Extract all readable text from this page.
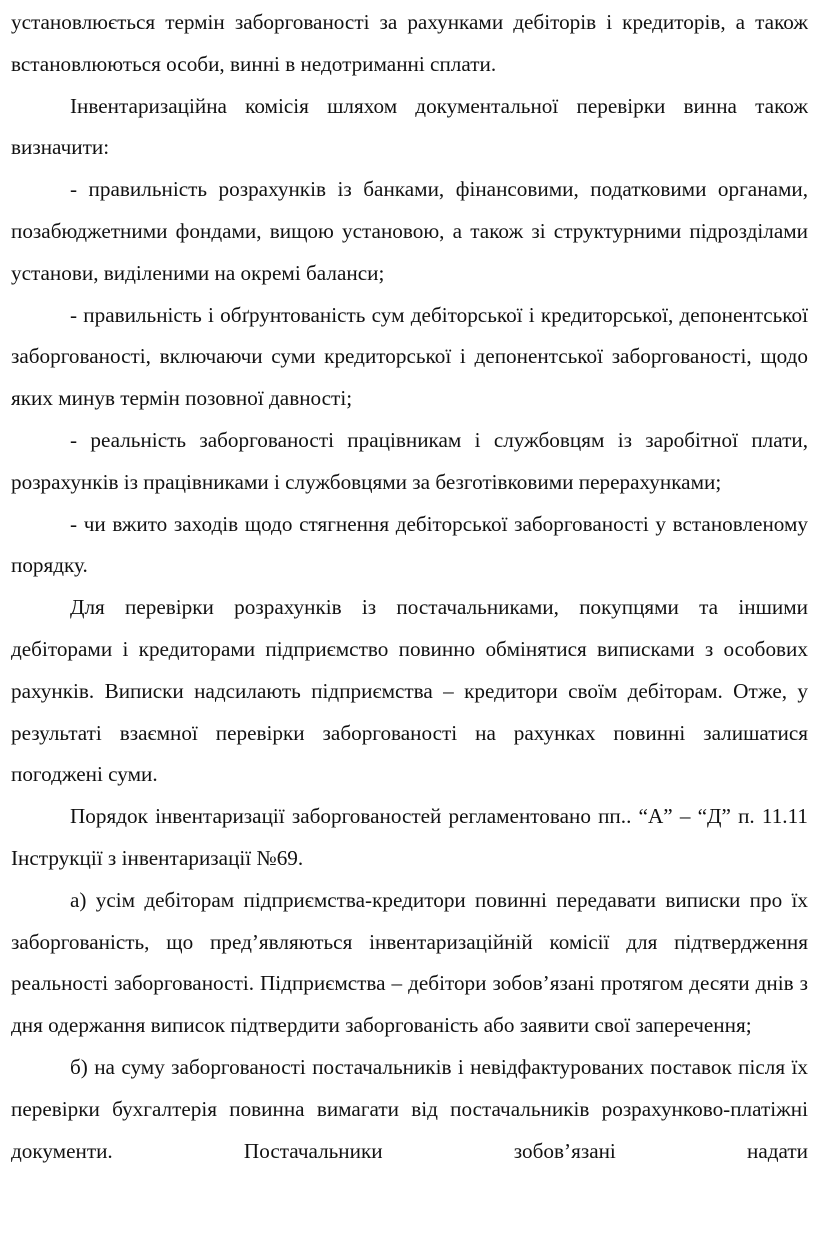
установлюється термін заборгованості за рахунками дебіторів і кредиторів, а також встановлюються особи, винні в недотриманні сплати.

Інвентаризаційна комісія шляхом документальної перевірки винна також визначити:

- правильність розрахунків із банками, фінансовими, податковими органами, позабюджетними фондами, вищою установою, а також зі структурними підрозділами установи, виділеними на окремі баланси;

- правильність і обґрунтованість сум дебіторської і кредиторської, депонентської заборгованості, включаючи суми кредиторської і депонентської заборгованості, щодо яких минув термін позовної давності;

- реальність заборгованості працівникам і службовцям із заробітної плати, розрахунків із працівниками і службовцями за безготівковими перерахунками;

- чи вжито заходів щодо стягнення дебіторської заборгованості у встановленому порядку.

Для перевірки розрахунків із постачальниками, покупцями та іншими дебіторами і кредиторами підприємство повинно обмінятися виписками з особових рахунків. Виписки надсилають підприємства – кредитори своїм дебіторам. Отже, у результаті взаємної перевірки заборгованості на рахунках повинні залишатися погоджені суми.

Порядок інвентаризації заборгованостей регламентовано пп.. “А” – “Д” п. 11.11 Інструкції з інвентаризації №69.

а) усім дебіторам підприємства-кредитори повинні передавати виписки про їх заборгованість, що пред’являються інвентаризаційній комісії для підтвердження реальності заборгованості. Підприємства – дебітори зобов’язані протягом десяти днів з дня одержання виписок підтвердити заборгованість або заявити свої заперечення;

б) на суму заборгованості постачальників і невідфактурованих поставок після їх перевірки бухгалтерія повинна вимагати від постачальників розрахунково-платіжні документи. Постачальники зобов’язані надати
